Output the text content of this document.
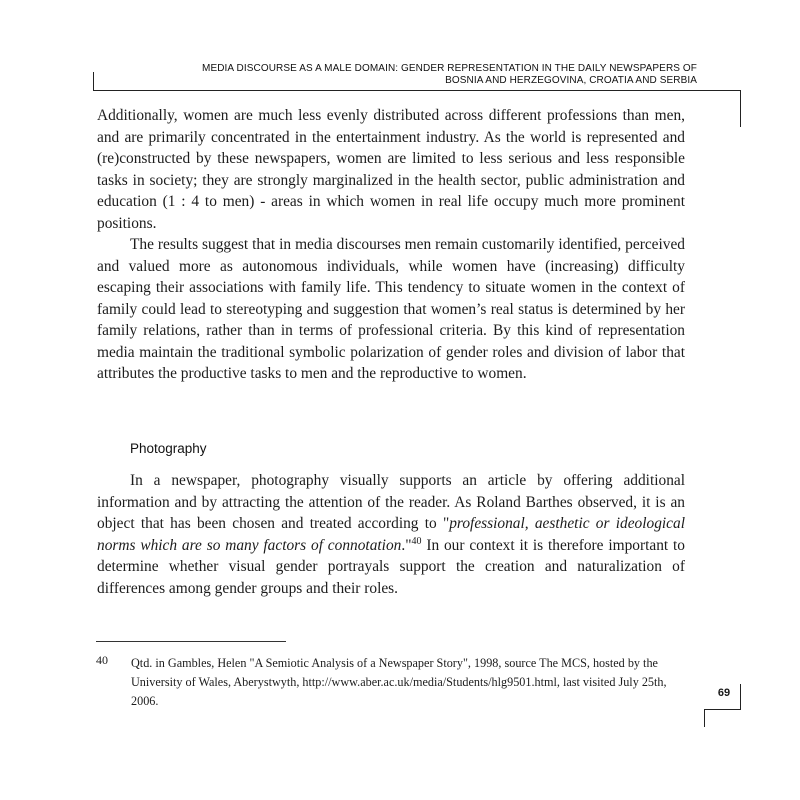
MEDIA DISCOURSE AS A MALE DOMAIN: GENDER REPRESENTATION IN THE DAILY NEWSPAPERS OF
BOSNIA AND HERZEGOVINA, CROATIA AND SERBIA

Additionally, women are much less evenly distributed across different professions than men, and are primarily concentrated in the entertainment industry. As the world is represented and (re)constructed by these newspapers, women are limited to less serious and less responsible tasks in society; they are strongly marginalized in the health sector, public administration and education (1 : 4 to men) - areas in which women in real life occupy much more prominent positions.

The results suggest that in media discourses men remain customarily identified, perceived and valued more as autonomous individuals, while women have (increasing) difficulty escaping their associations with family life. This tendency to situate women in the context of family could lead to stereotyping and suggestion that women’s real status is determined by her family relations, rather than in terms of professional criteria. By this kind of representation media maintain the traditional symbolic polarization of gender roles and division of labor that attributes the productive tasks to men and the reproductive to women.

Photography

In a newspaper, photography visually supports an article by offering additional information and by attracting the attention of the reader. As Roland Barthes observed, it is an object that has been chosen and treated according to "professional, aesthetic or ideological norms which are so many factors of connotation."$^{40}$ In our context it is therefore important to determine whether visual gender portrayals support the creation and naturalization of differences among gender groups and their roles.

40 Qtd. in Gambles, Helen "A Semiotic Analysis of a Newspaper Story", 1998, source The MCS, hosted by the University of Wales, Aberystwyth, http://www.aber.ac.uk/media/Students/hlg9501.html, last visited July 25th, 2006.
69
